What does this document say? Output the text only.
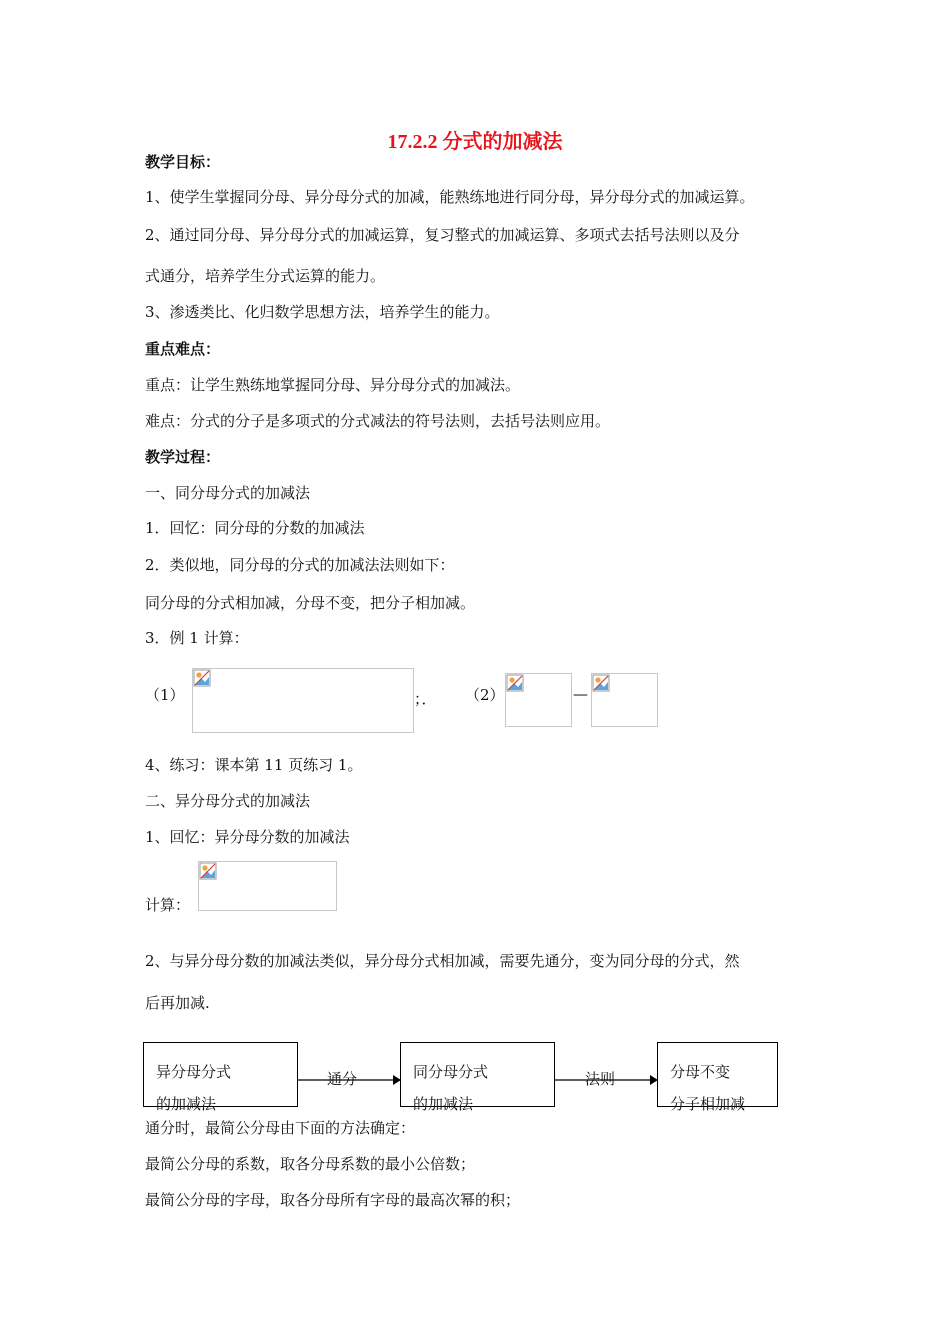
17.2.2 分式的加减法
教学目标：
1、使学生掌握同分母、异分母分式的加减，能熟练地进行同分母，异分母分式的加减运算。
2、通过同分母、异分母分式的加减运算，复习整式的加减运算、多项式去括号法则以及分
式通分，培养学生分式运算的能力。
3、渗透类比、化归数学思想方法，培养学生的能力。
重点难点：
重点：让学生熟练地掌握同分母、异分母分式的加减法。
难点：分式的分子是多项式的分式减法的符号法则，去括号法则应用。
教学过程：
一、同分母分式的加减法
1．回忆：同分母的分数的加减法
2．类似地，同分母的分式的加减法法则如下：
同分母的分式相加减，分母不变，把分子相加减。
3．例 1 计算：
（1）	；． （2）	—
4、练习：课本第 11 页练习 1。
二、异分母分式的加减法
1、回忆：异分母分数的加减法
计算：
2、与异分母分数的加减法类似，异分母分式相加减，需要先通分，变为同分母的分式，然
后再加减.
异分母分式
的加减法
通分	同分母分式
的加减法
法则	分母不变
分子相加减
通分时，最简公分母由下面的方法确定：
最简公分母的系数，取各分母系数的最小公倍数；
最简公分母的字母，取各分母所有字母的最高次幂的积；
